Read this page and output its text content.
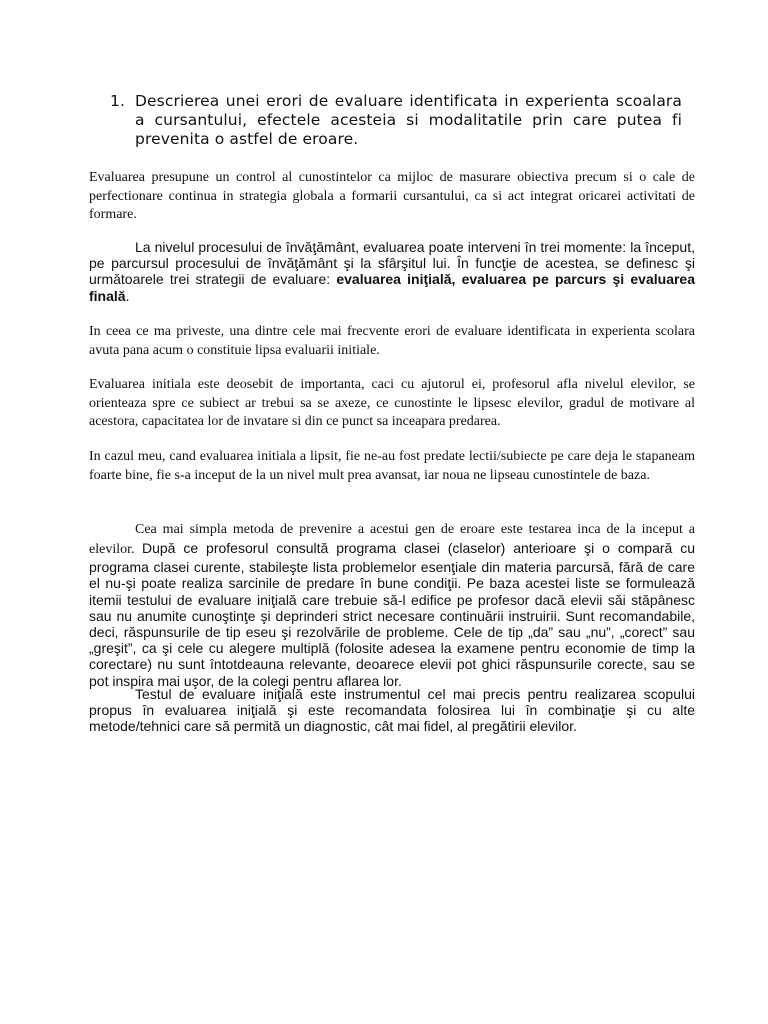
1. Descrierea unei erori de evaluare identificata in experienta scoalara a cursantului, efectele acesteia si modalitatile prin care putea fi prevenita o astfel de eroare.

Evaluarea presupune un control al cunostintelor ca mijloc de masurare obiectiva precum si o cale de perfectionare continua in strategia globala a formarii cursantului, ca si act integrat oricarei activitati de formare.

La nivelul procesului de învăţământ, evaluarea poate interveni în trei momente: la început, pe parcursul procesului de învăţământ şi la sfârşitul lui. În funcţie de acestea, se definesc şi următoarele trei strategii de evaluare: evaluarea iniţială, evaluarea pe parcurs şi evaluarea finală.

In ceea ce ma priveste, una dintre cele mai frecvente erori de evaluare identificata in experienta scolara avuta pana acum o constituie lipsa evaluarii initiale.

Evaluarea initiala este deosebit de importanta, caci cu ajutorul ei, profesorul afla nivelul elevilor, se orienteaza spre ce subiect ar trebui sa se axeze, ce cunostinte le lipsesc elevilor, gradul de motivare al acestora, capacitatea lor de invatare si din ce punct sa inceapara predarea.

In cazul meu, cand evaluarea initiala a lipsit, fie ne-au fost predate lectii/subiecte pe care deja le stapaneam foarte bine, fie s-a inceput de la un nivel mult prea avansat, iar noua ne lipseau cunostintele de baza.

Cea mai simpla metoda de prevenire a acestui gen de eroare este testarea inca de la inceput a elevilor. După ce profesorul consultă programa clasei (claselor) anterioare şi o compară cu programa clasei curente, stabileşte lista problemelor esenţiale din materia parcursă, fără de care el nu-şi poate realiza sarcinile de predare în bune condiţii. Pe baza acestei liste se formulează itemii testului de evaluare iniţială care trebuie să-l edifice pe profesor dacă elevii săi stăpânesc sau nu anumite cunoştinţe şi deprinderi strict necesare continuării instruirii. Sunt recomandabile, deci, răspunsurile de tip eseu şi rezolvările de probleme. Cele de tip „da” sau „nu”, „corect” sau „greşit”, ca şi cele cu alegere multiplă (folosite adesea la examene pentru economie de timp la corectare) nu sunt întotdeauna relevante, deoarece elevii pot ghici răspunsurile corecte, sau se pot inspira mai uşor, de la colegi pentru aflarea lor.

Testul de evaluare iniţială este instrumentul cel mai precis pentru realizarea scopului propus în evaluarea iniţială şi este recomandata folosirea lui în combinaţie şi cu alte metode/tehnici care să permită un diagnostic, cât mai fidel, al pregătirii elevilor.
